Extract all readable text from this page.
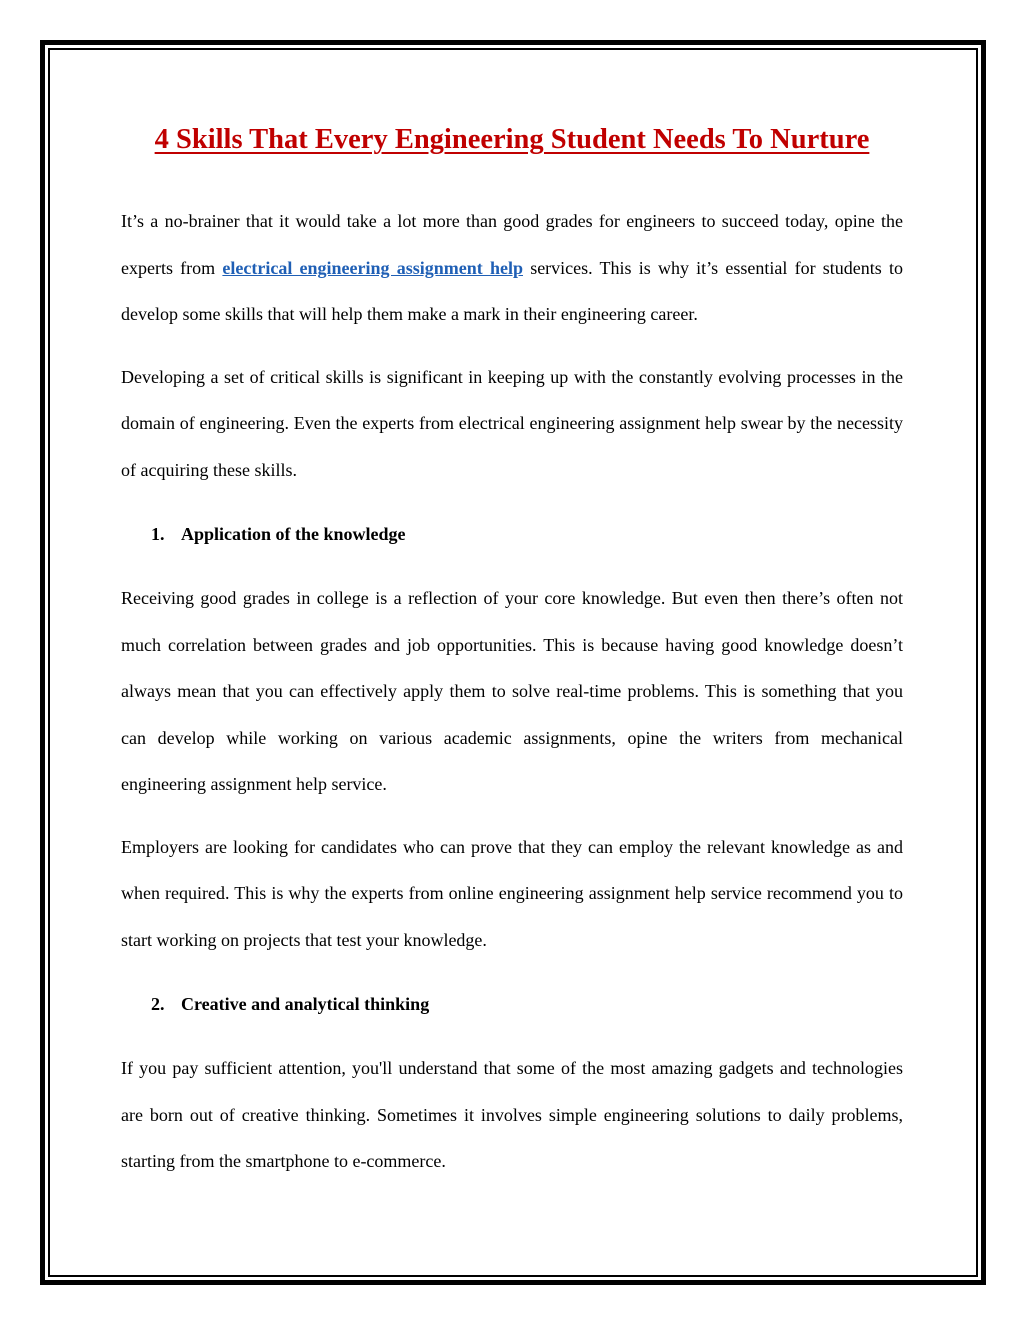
4 Skills That Every Engineering Student Needs To Nurture

It’s a no-brainer that it would take a lot more than good grades for engineers to succeed today, opine the experts from electrical engineering assignment help services. This is why it’s essential for students to develop some skills that will help them make a mark in their engineering career.

Developing a set of critical skills is significant in keeping up with the constantly evolving processes in the domain of engineering. Even the experts from electrical engineering assignment help swear by the necessity of acquiring these skills.

1. Application of the knowledge

Receiving good grades in college is a reflection of your core knowledge. But even then there’s often not much correlation between grades and job opportunities. This is because having good knowledge doesn’t always mean that you can effectively apply them to solve real-time problems. This is something that you can develop while working on various academic assignments, opine the writers from mechanical engineering assignment help service.

Employers are looking for candidates who can prove that they can employ the relevant knowledge as and when required. This is why the experts from online engineering assignment help service recommend you to start working on projects that test your knowledge.

2. Creative and analytical thinking

If you pay sufficient attention, you'll understand that some of the most amazing gadgets and technologies are born out of creative thinking. Sometimes it involves simple engineering solutions to daily problems, starting from the smartphone to e-commerce.
